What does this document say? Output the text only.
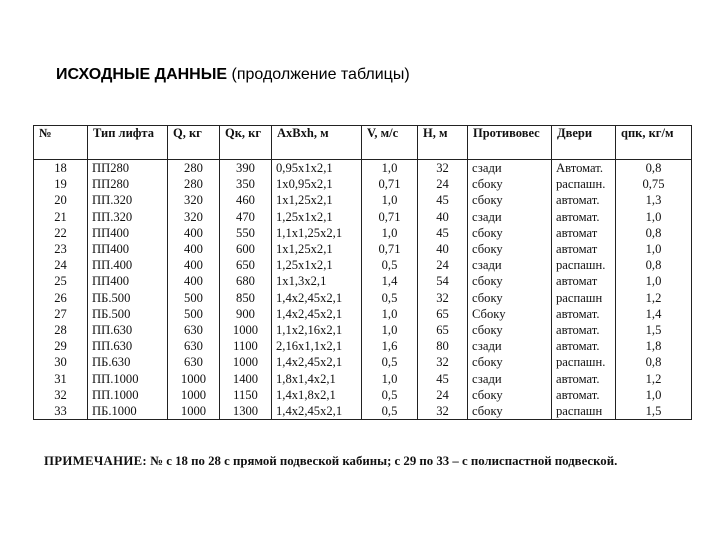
ИСХОДНЫЕ ДАННЫЕ (продолжение таблицы)
№	Тип лифта	Q, кг	Qк, кг	AxBxh, м	V, м/с	H, м	Противовес	Двери	qпк, кг/м
18	ПП280	280	390	0,95x1x2,1	1,0	32	сзади	Автомат.	0,8
19	ПП280	280	350	1x0,95x2,1	0,71	24	сбоку	распашн.	0,75
20	ПП.320	320	460	1x1,25x2,1	1,0	45	сбоку	автомат.	1,3
21	ПП.320	320	470	1,25x1x2,1	0,71	40	сзади	автомат.	1,0
22	ПП400	400	550	1,1x1,25x2,1	1,0	45	сбоку	автомат	0,8
23	ПП400	400	600	1x1,25x2,1	0,71	40	сбоку	автомат	1,0
24	ПП.400	400	650	1,25x1x2,1	0,5	24	сзади	распашн.	0,8
25	ПП400	400	680	1x1,3x2,1	1,4	54	сбоку	автомат	1,0
26	ПБ.500	500	850	1,4x2,45x2,1	0,5	32	сбоку	распашн	1,2
27	ПБ.500	500	900	1,4x2,45x2,1	1,0	65	Сбоку	автомат.	1,4
28	ПП.630	630	1000	1,1x2,16x2,1	1,0	65	сбоку	автомат.	1,5
29	ПП.630	630	1100	2,16x1,1x2,1	1,6	80	сзади	автомат.	1,8
30	ПБ.630	630	1000	1,4x2,45x2,1	0,5	32	сбоку	распашн.	0,8
31	ПП.1000	1000	1400	1,8x1,4x2,1	1,0	45	сзади	автомат.	1,2
32	ПП.1000	1000	1150	1,4x1,8x2,1	0,5	24	сбоку	автомат.	1,0
33	ПБ.1000	1000	1300	1,4x2,45x2,1	0,5	32	сбоку	распашн	1,5
ПРИМЕЧАНИЕ: № с 18 по 28 с прямой подвеской кабины; с 29 по 33 – с полиспастной подвеской.
